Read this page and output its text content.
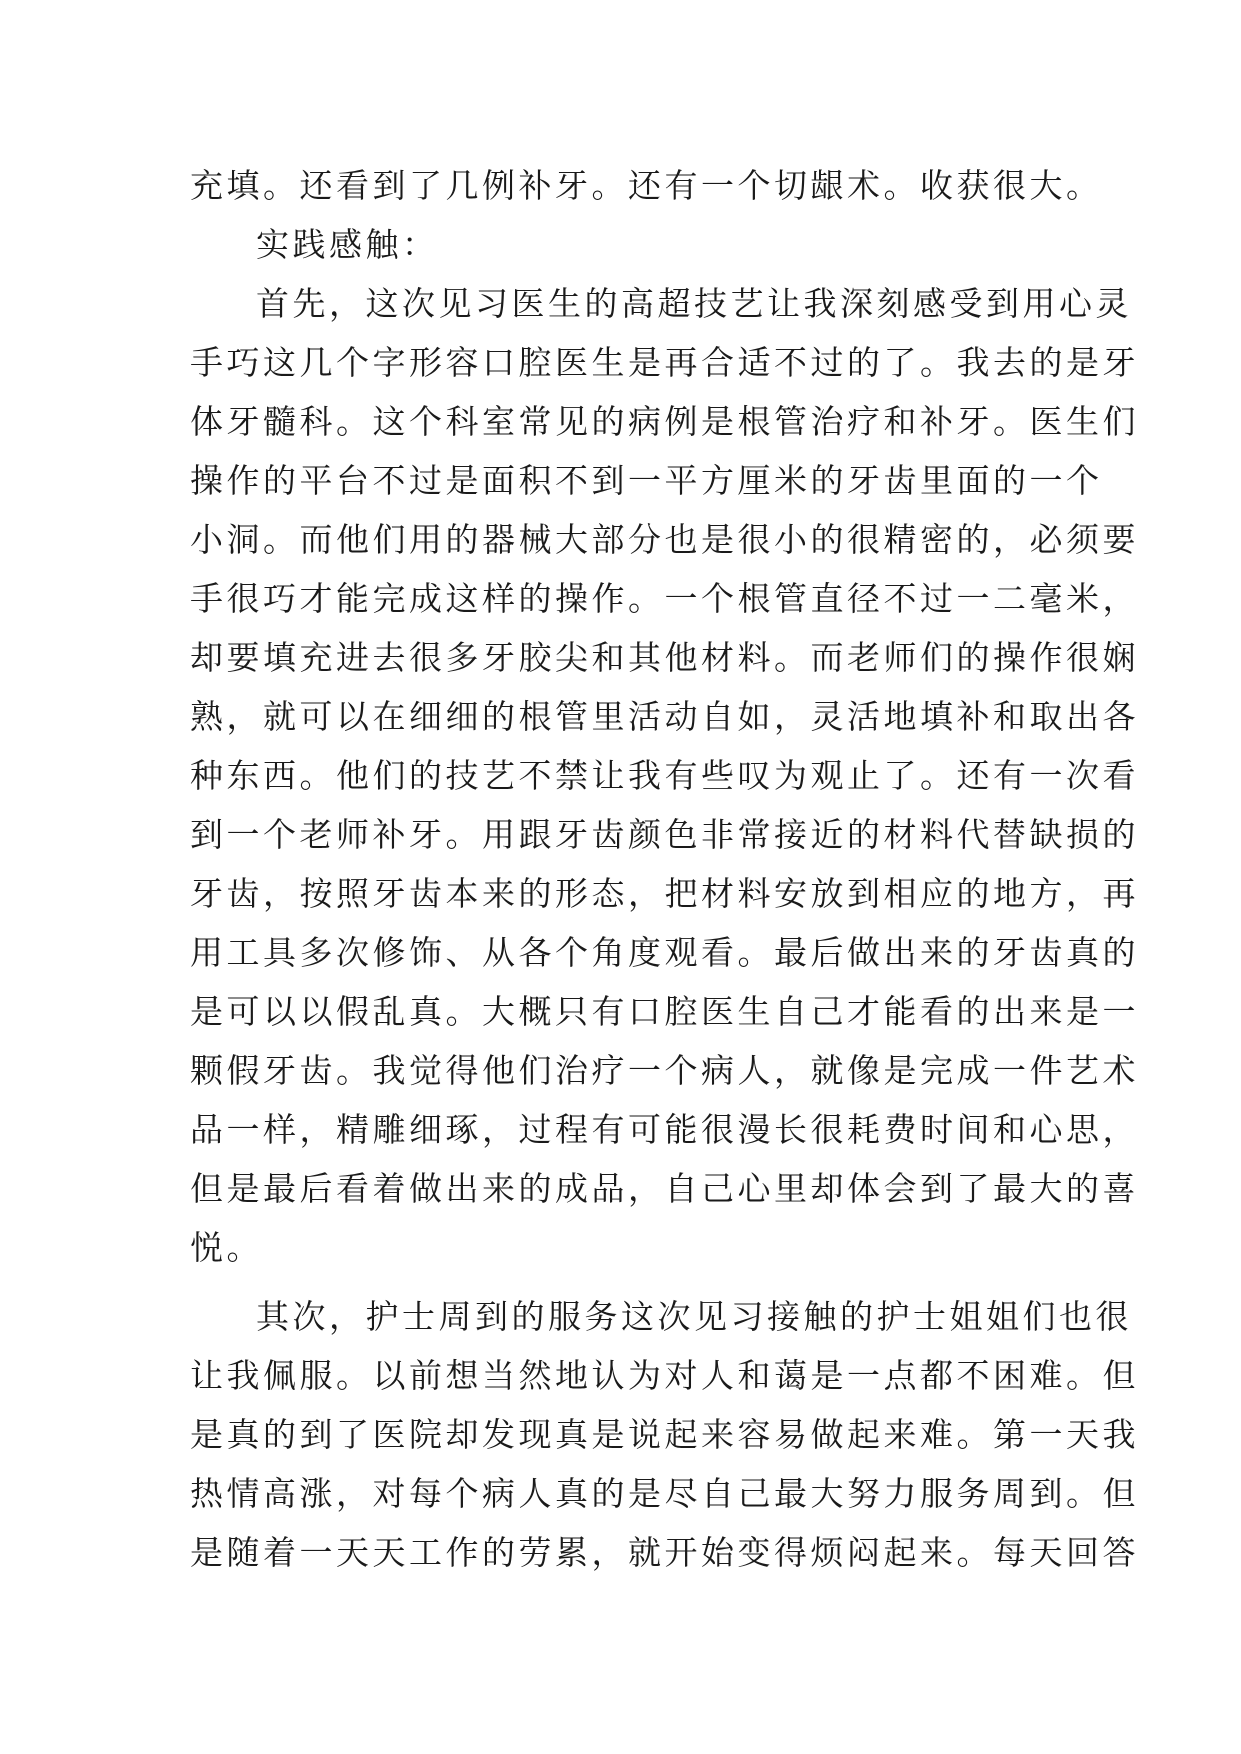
充填。还看到了几例补牙。还有一个切龈术。收获很大。
实践感触：
首先，这次见习医生的高超技艺让我深刻感受到用心灵
手巧这几个字形容口腔医生是再合适不过的了。我去的是牙
体牙髓科。这个科室常见的病例是根管治疗和补牙。医生们
操作的平台不过是面积不到一平方厘米的牙齿里面的一个
小洞。而他们用的器械大部分也是很小的很精密的，必须要
手很巧才能完成这样的操作。一个根管直径不过一二毫米，
却要填充进去很多牙胶尖和其他材料。而老师们的操作很娴
熟，就可以在细细的根管里活动自如，灵活地填补和取出各
种东西。他们的技艺不禁让我有些叹为观止了。还有一次看
到一个老师补牙。用跟牙齿颜色非常接近的材料代替缺损的
牙齿，按照牙齿本来的形态，把材料安放到相应的地方，再
用工具多次修饰、从各个角度观看。最后做出来的牙齿真的
是可以以假乱真。大概只有口腔医生自己才能看的出来是一
颗假牙齿。我觉得他们治疗一个病人，就像是完成一件艺术
品一样，精雕细琢，过程有可能很漫长很耗费时间和心思，
但是最后看着做出来的成品，自己心里却体会到了最大的喜
悦。
其次，护士周到的服务这次见习接触的护士姐姐们也很
让我佩服。以前想当然地认为对人和蔼是一点都不困难。但
是真的到了医院却发现真是说起来容易做起来难。第一天我
热情高涨，对每个病人真的是尽自己最大努力服务周到。但
是随着一天天工作的劳累，就开始变得烦闷起来。每天回答
